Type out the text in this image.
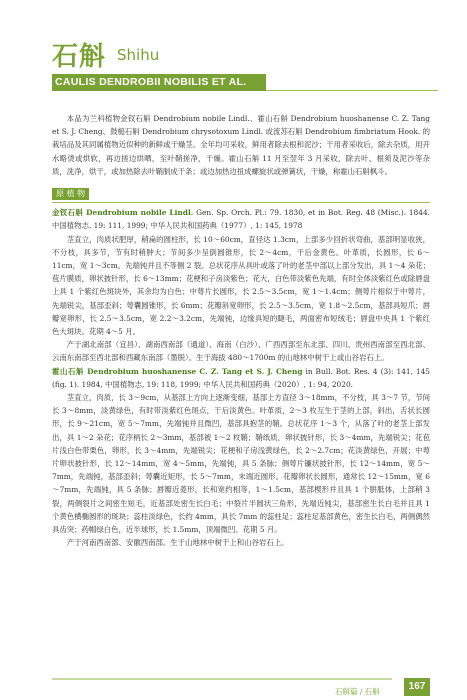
石斛 Shihu
CAULIS DENDROBII NOBILIS ET AL.

本品为兰科植物金钗石斛 Dendrobium nobile Lindl.、霍山石斛 Dendrobium huoshanense C. Z. Tang et S. J. Cheng、鼓槌石斛 Dendrobium chrysotoxum Lindl. 或流苏石斛 Dendrobium fimbriatum Hook. 的栽培品及其同属植物近似种的新鲜或干燥茎。全年均可采收，鲜用者除去根和泥沙；干用者采收后，除去杂质，用开水略烫或烘软，再边搓边烘晒，至叶鞘搓净，干燥。霍山石斛 11 月至翌年 3 月采收，除去叶、根须及泥沙等杂质，洗净，烘干，或加热除去叶鞘制成干条；或边加热边扭成螺旋状或弹簧状，干燥，称霍山石斛枫斗。

原 植 物

金钗石斛 Dendrobium nobile Lindl. Gen. Sp. Orch. Pl.: 79. 1830, et in Bot. Reg. 48 (Misc.). 1844. 中国植物志, 19: 111, 1999; 中华人民共和国药典（1977）, 1: 145, 1978

茎直立，肉质状肥厚，稍扁的圆柱形，长 10～60cm，直径达 1.3cm，上部多少回折状弯曲，基部明显收狭，不分枝，具多节，节有时稍肿大；节间多少呈倒圆锥形，长 2～4cm，干后金黄色。叶革质，长圆形，长 6～11cm，宽 1～3cm，先端钝并且不等侧 2 裂。总状花序从具叶或落了叶的老茎中部以上部分发出，具 1～4 朵花；苞片膜质，卵状披针形，长 6～13mm；花梗和子房淡紫色；花大，白色带淡紫色先端，有时全体淡紫红色或除唇盘上具 1 个紫红色斑块外，其余均为白色；中萼片长圆形，长 2.5～3.5cm，宽 1～1.4cm；侧萼片相似于中萼片，先端锐尖，基部歪斜；萼囊圆锥形，长 6mm；花瓣斜宽卵形，长 2.5～3.5cm，宽 1.8～2.5cm，基部具短爪；唇瓣宽卵形，长 2.5～3.5cm，宽 2.2～3.2cm，先端钝，边缘具短的睫毛，两面密布短绒毛；唇盘中央具 1 个紫红色大斑块。花期 4～5 月。

产于湖北南部（宜昌）、湖南西南部（通道）、海南（白沙）、广西西部至东北部、四川、贵州西南部至西北部、云南东南部至西北部和西藏东南部（墨脱）。生于海拔 480～1700m 的山地林中树干上或山谷岩石上。

霍山石斛 Dendrobium huoshanense C. Z. Tang et S. J. Cheng in Bull. Bot. Res. 4 (3): 141, 145 (fig. 1). 1984, 中国植物志, 19: 118, 1999; 中华人民共和国药典（2020）, 1: 94, 2020.

茎直立，肉质，长 3～9cm，从基部上方向上逐渐变细，基部上方直径 3～18mm，不分枝，具 3～7 节，节间长 3～8mm，淡黄绿色，有时带淡紫红色斑点，干后淡黄色。叶革质，2～3 枚互生于茎的上部，斜出，舌状长圆形，长 9～21cm，宽 5～7mm，先端钝并且微凹，基部具抱茎的鞘。总状花序 1～3 个，从落了叶的老茎上部发出，具 1～2 朵花；花序柄长 2～3mm，基部被 1～2 枚鞘；鞘纸质，卵状披针形，长 3～4mm，先端锐尖；花苞片浅白色带栗色，卵形，长 3～4mm，先端锐尖；花梗和子房浅黄绿色，长 2～2.7cm；花淡黄绿色，开展；中萼片卵状披针形，长 12～14mm，宽 4～5mm，先端钝，具 5 条脉；侧萼片镰状披针形，长 12～14mm，宽 5～7mm，先端钝，基部歪斜；萼囊近矩形，长 5～7mm，末端近圆形。花瓣卵状长圆形，通常长 12～15mm，宽 6～7mm，先端钝，具 5 条脉；唇瓣近菱形，长和宽约相等，1～1.5cm，基部楔形并且具 1 个胼胝体，上部稍 3 裂，两侧裂片之间密生短毛，近基部处密生长白毛；中裂片半圆状三角形，先端近钝尖，基部密生长白毛并且具 1 个黄色横椭圆形的斑块；蕊柱淡绿色，长约 4mm，具长 7mm 的蕊柱足；蕊柱足基部黄色，密生长白毛，两侧偶然具齿突；药帽绿白色，近半球形，长 1.5mm，顶端微凹。花期 5 月。

产于河南西南部、安徽西南部。生于山地林中树干上和山谷岩石上。

石斛篇 / 石斛	167
